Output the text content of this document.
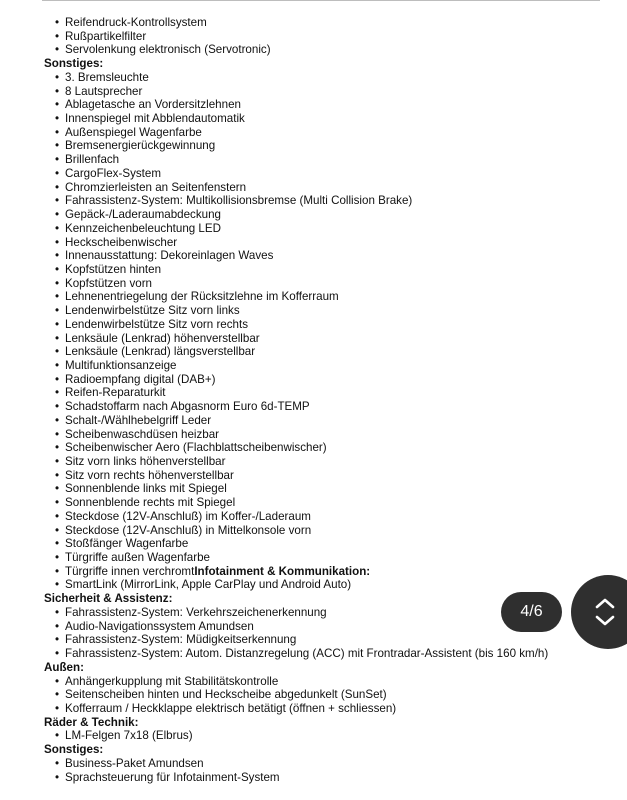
• Reifendruck-Kontrollsystem
• Rußpartikelfilter
• Servolenkung elektronisch (Servotronic)
Sonstiges:
• 3. Bremsleuchte
• 8 Lautsprecher
• Ablagetasche an Vordersitzlehnen
• Innenspiegel mit Abblendautomatik
• Außenspiegel Wagenfarbe
• Bremsenergierückgewinnung
• Brillenfach
• CargoFlex-System
• Chromzierleisten an Seitenfenstern
• Fahrassistenz-System: Multikollisionsbremse (Multi Collision Brake)
• Gepäck-/Laderaumabdeckung
• Kennzeichenbeleuchtung LED
• Heckscheibenwischer
• Innenausstattung: Dekoreinlagen Waves
• Kopfstützen hinten
• Kopfstützen vorn
• Lehnenentriegelung der Rücksitzlehne im Kofferraum
• Lendenwirbelstütze Sitz vorn links
• Lendenwirbelstütze Sitz vorn rechts
• Lenksäule (Lenkrad) höhenverstellbar
• Lenksäule (Lenkrad) längsverstellbar
• Multifunktionsanzeige
• Radioempfang digital (DAB+)
• Reifen-Reparaturkit
• Schadstoffarm nach Abgasnorm Euro 6d-TEMP
• Schalt-/Wählhebelgriff Leder
• Scheibenwaschdüsen heizbar
• Scheibenwischer Aero (Flachblattscheibenwischer)
• Sitz vorn links höhenverstellbar
• Sitz vorn rechts höhenverstellbar
• Sonnenblende links mit Spiegel
• Sonnenblende rechts mit Spiegel
• Steckdose (12V-Anschluß) im Koffer-/Laderaum
• Steckdose (12V-Anschluß) in Mittelkonsole vorn
• Stoßfänger Wagenfarbe
• Türgriffe außen Wagenfarbe
• Türgriffe innen verchromtInfotainment & Kommunikation:
• SmartLink (MirrorLink, Apple CarPlay und Android Auto)
Sicherheit & Assistenz:
• Fahrassistenz-System: Verkehrszeichenerkennung
• Audio-Navigationssystem Amundsen
• Fahrassistenz-System: Müdigkeitserkennung
• Fahrassistenz-System: Autom. Distanzregelung (ACC) mit Frontradar-Assistent (bis 160 km/h)
Außen:
• Anhängerkupplung mit Stabilitätskontrolle
• Seitenscheiben hinten und Heckscheibe abgedunkelt (SunSet)
• Kofferraum / Heckklappe elektrisch betätigt (öffnen + schliessen)
Räder & Technik:
• LM-Felgen 7x18 (Elbrus)
Sonstiges:
• Business-Paket Amundsen
• Sprachsteuerung für Infotainment-System
4/6
